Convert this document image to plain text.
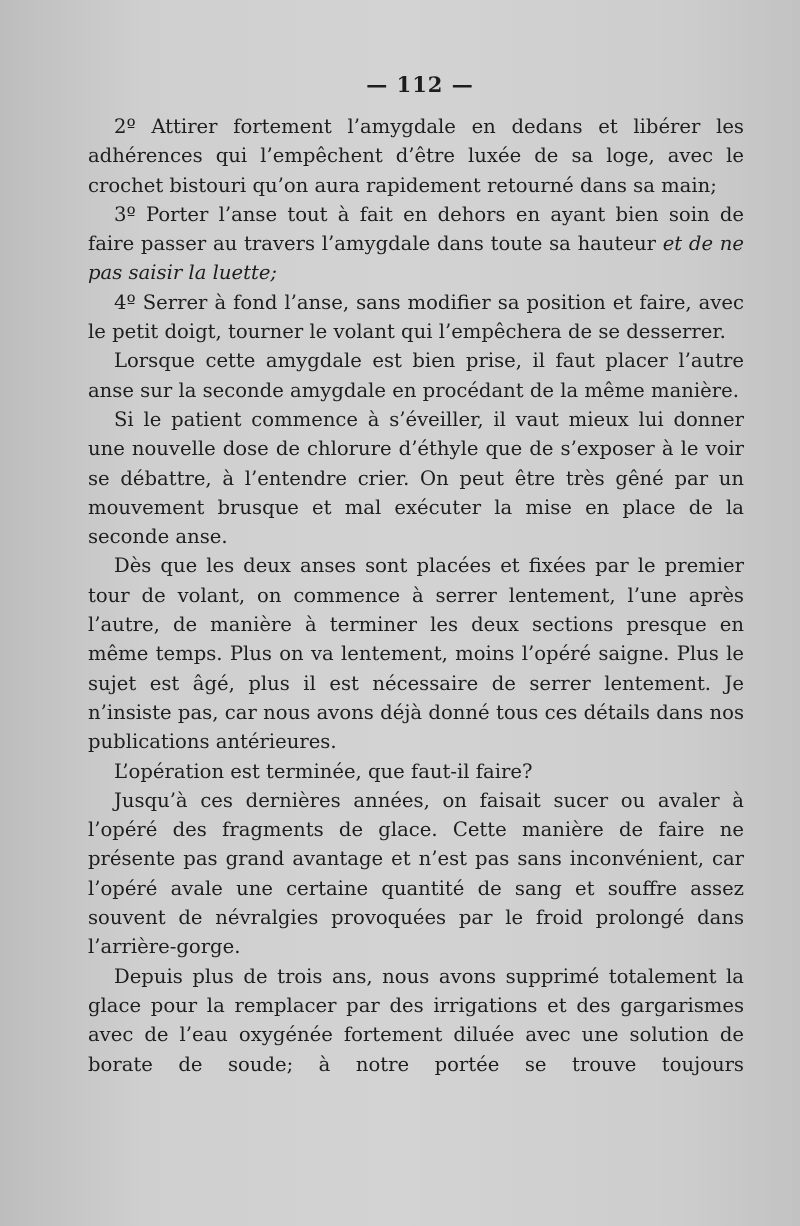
— 112 —

2º Attirer fortement l’amygdale en dedans et libérer les adhérences qui l’empêchent d’être luxée de sa loge, avec le crochet bistouri qu’on aura rapidement retourné dans sa main;

3º Porter l’anse tout à fait en dehors en ayant bien soin de faire passer au travers l’amygdale dans toute sa hauteur et de ne pas saisir la luette;

4º Serrer à fond l’anse, sans modifier sa position et faire, avec le petit doigt, tourner le volant qui l’empêchera de se desserrer.

Lorsque cette amygdale est bien prise, il faut placer l’autre anse sur la seconde amygdale en procédant de la même manière.

Si le patient commence à s’éveiller, il vaut mieux lui donner une nouvelle dose de chlorure d’éthyle que de s’exposer à le voir se débattre, à l’entendre crier. On peut être très gêné par un mouvement brusque et mal exécuter la mise en place de la seconde anse.

Dès que les deux anses sont placées et fixées par le premier tour de volant, on commence à serrer lentement, l’une après l’autre, de manière à terminer les deux sections presque en même temps. Plus on va lentement, moins l’opéré saigne. Plus le sujet est âgé, plus il est nécessaire de serrer lentement. Je n’insiste pas, car nous avons déjà donné tous ces détails dans nos publications antérieures.

L’opération est terminée, que faut-il faire?

Jusqu’à ces dernières années, on faisait sucer ou avaler à l’opéré des fragments de glace. Cette manière de faire ne présente pas grand avantage et n’est pas sans inconvénient, car l’opéré avale une certaine quantité de sang et souffre assez souvent de névralgies provoquées par le froid prolongé dans l’arrière-gorge.

Depuis plus de trois ans, nous avons supprimé totalement la glace pour la remplacer par des irrigations et des gargarismes avec de l’eau oxygénée fortement diluée avec une solution de borate de soude; à notre portée se trouve toujours
